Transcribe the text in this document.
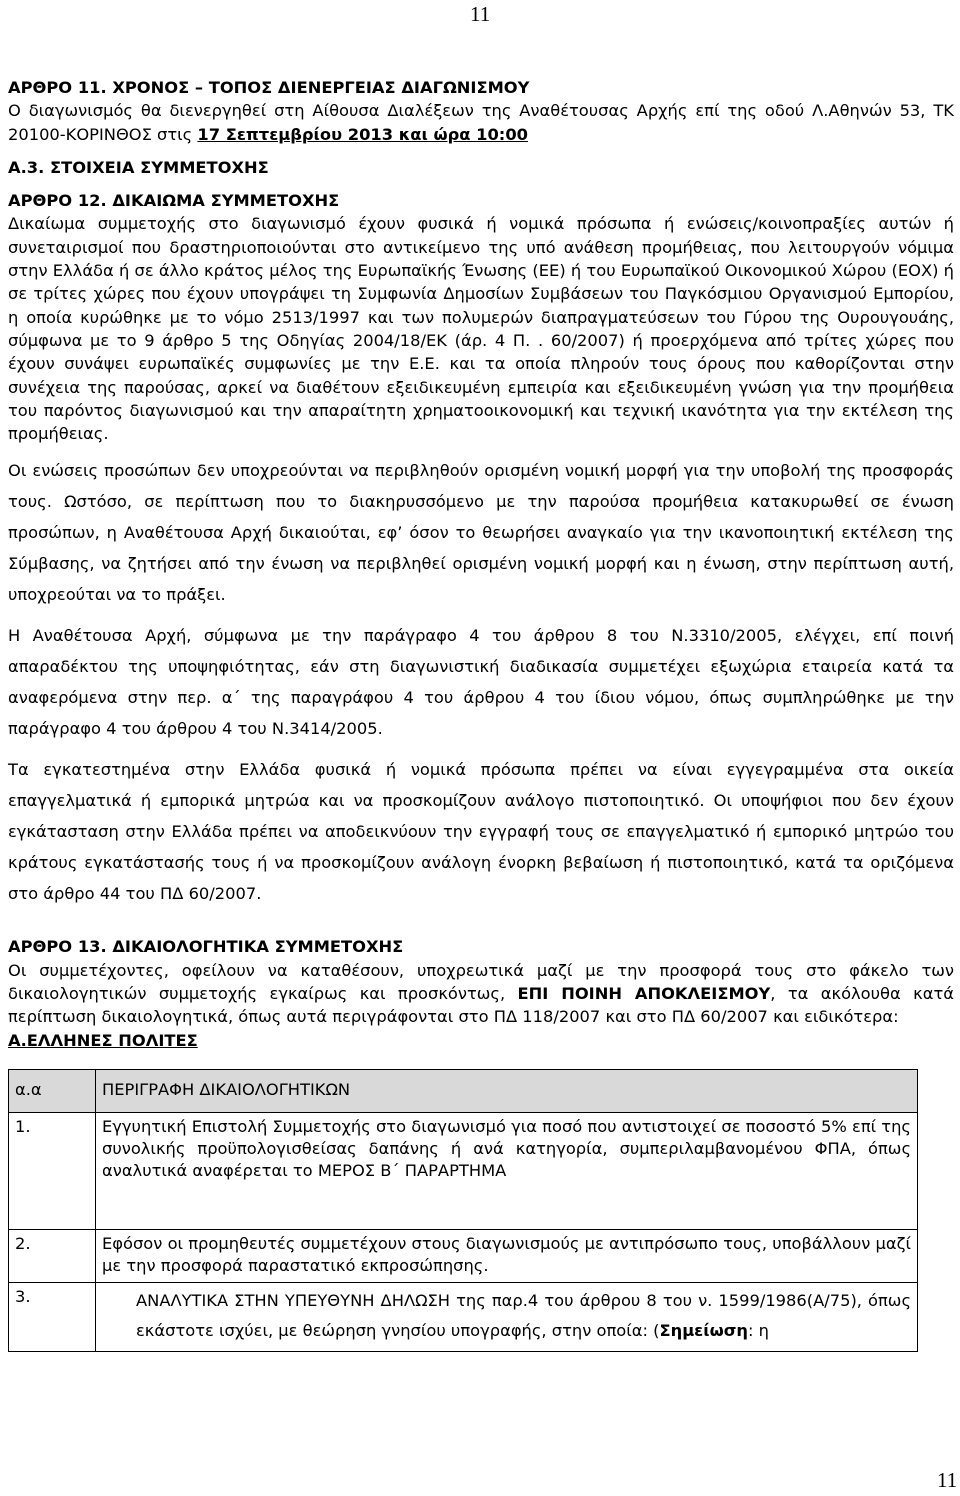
11
ΑΡΘΡΟ 11. ΧΡΟΝΟΣ – ΤΟΠΟΣ ΔΙΕΝΕΡΓΕΙΑΣ ΔΙΑΓΩΝΙΣΜΟΥ

Ο διαγωνισμός θα διενεργηθεί στη Αίθουσα Διαλέξεων της Αναθέτουσας Αρχής επί της οδού Λ.Αθηνών 53, ΤΚ 20100-ΚΟΡΙΝΘΟΣ στις 17 Σεπτεμβρίου 2013 και ώρα 10:00

Α.3. ΣΤΟΙΧΕΙΑ ΣΥΜΜΕΤΟΧΗΣ
ΑΡΘΡΟ 12. ΔΙΚΑΙΩΜΑ ΣΥΜΜΕΤΟΧΗΣ

Δικαίωμα συμμετοχής στο διαγωνισμό έχουν φυσικά ή νομικά πρόσωπα ή ενώσεις/κοινοπραξίες αυτών ή συνεταιρισμοί που δραστηριοποιούνται στο αντικείμενο της υπό ανάθεση προμήθειας, που λειτουργούν νόμιμα στην Ελλάδα ή σε άλλο κράτος μέλος της Ευρωπαϊκής Ένωσης (ΕΕ) ή του Ευρωπαϊκού Οικονομικού Χώρου (ΕΟΧ) ή σε τρίτες χώρες που έχουν υπογράψει τη Συμφωνία Δημοσίων Συμβάσεων του Παγκόσμιου Οργανισμού Εμπορίου, η οποία κυρώθηκε με το νόμο 2513/1997 και των πολυμερών διαπραγματεύσεων του Γύρου της Ουρουγουάης, σύμφωνα με το 9 άρθρο 5 της Οδηγίας 2004/18/ΕΚ (άρ. 4 Π. . 60/2007) ή προερχόμενα από τρίτες χώρες που έχουν συνάψει ευρωπαϊκές συμφωνίες με την Ε.Ε. και τα οποία πληρούν τους όρους που καθορίζονται στην συνέχεια της παρούσας, αρκεί να διαθέτουν εξειδικευμένη εμπειρία και εξειδικευμένη γνώση για την προμήθεια του παρόντος διαγωνισμού και την απαραίτητη χρηματοοικονομική και τεχνική ικανότητα για την εκτέλεση της προμήθειας.

Οι ενώσεις προσώπων δεν υποχρεούνται να περιβληθούν ορισμένη νομική μορφή για την υποβολή της προσφοράς τους. Ωστόσο, σε περίπτωση που το διακηρυσσόμενο με την παρούσα προμήθεια κατακυρωθεί σε ένωση προσώπων, η Αναθέτουσα Αρχή δικαιούται, εφ’ όσον το θεωρήσει αναγκαίο για την ικανοποιητική εκτέλεση της Σύμβασης, να ζητήσει από την ένωση να περιβληθεί ορισμένη νομική μορφή και η ένωση, στην περίπτωση αυτή, υποχρεούται να το πράξει.

Η Αναθέτουσα Αρχή, σύμφωνα με την παράγραφο 4 του άρθρου 8 του Ν.3310/2005, ελέγχει, επί ποινή απαραδέκτου της υποψηφιότητας, εάν στη διαγωνιστική διαδικασία συμμετέχει εξωχώρια εταιρεία κατά τα αναφερόμενα στην περ. α΄ της παραγράφου 4 του άρθρου 4 του ίδιου νόμου, όπως συμπληρώθηκε με την παράγραφο 4 του άρθρου 4 του Ν.3414/2005.

Τα εγκατεστημένα στην Ελλάδα φυσικά ή νομικά πρόσωπα πρέπει να είναι εγγεγραμμένα στα οικεία επαγγελματικά ή εμπορικά μητρώα και να προσκομίζουν ανάλογο πιστοποιητικό. Οι υποψήφιοι που δεν έχουν εγκάτασταση στην Ελλάδα πρέπει να αποδεικνύουν την εγγραφή τους σε επαγγελματικό ή εμπορικό μητρώο του κράτους εγκατάστασής τους ή να προσκομίζουν ανάλογη ένορκη βεβαίωση ή πιστοποιητικό, κατά τα οριζόμενα στο άρθρο 44 του ΠΔ 60/2007.

ΑΡΘΡΟ 13. ΔΙΚΑΙΟΛΟΓΗΤΙΚΑ ΣΥΜΜΕΤΟΧΗΣ

Οι συμμετέχοντες, οφείλουν να καταθέσουν, υποχρεωτικά μαζί με την προσφορά τους στο φάκελο των δικαιολογητικών συμμετοχής εγκαίρως και προσκόντως, ΕΠΙ ΠΟΙΝΗ ΑΠΟΚΛΕΙΣΜΟΥ, τα ακόλουθα κατά περίπτωση δικαιολογητικά, όπως αυτά περιγράφονται στο ΠΔ 118/2007 και στο ΠΔ 60/2007 και ειδικότερα:

Α.ΕΛΛΗΝΕΣ ΠΟΛΙΤΕΣ
α.α	ΠΕΡΙΓΡΑΦΗ ΔΙΚΑΙΟΛΟΓΗΤΙΚΩΝ
1.	Εγγυητική Επιστολή Συμμετοχής στο διαγωνισμό για ποσό που αντιστοιχεί σε ποσοστό 5% επί της συνολικής προϋπολογισθείσας δαπάνης ή ανά κατηγορία, συμπεριλαμβανομένου ΦΠΑ, όπως αναλυτικά αναφέρεται το ΜΕΡΟΣ Β΄ ΠΑΡΑΡΤΗΜΑ
2.	Εφόσον οι προμηθευτές συμμετέχουν στους διαγωνισμούς με αντιπρόσωπο τους, υποβάλλουν μαζί με την προσφορά παραστατικό εκπροσώπησης.
3.	ΑΝΑΛΥΤΙΚΑ ΣΤΗΝ ΥΠΕΥΘΥΝΗ ΔΗΛΩΣΗ της παρ.4 του άρθρου 8 του ν. 1599/1986(Α/75), όπως εκάστοτε ισχύει, με θεώρηση γνησίου υπογραφής, στην οποία: (Σημείωση: η
11
